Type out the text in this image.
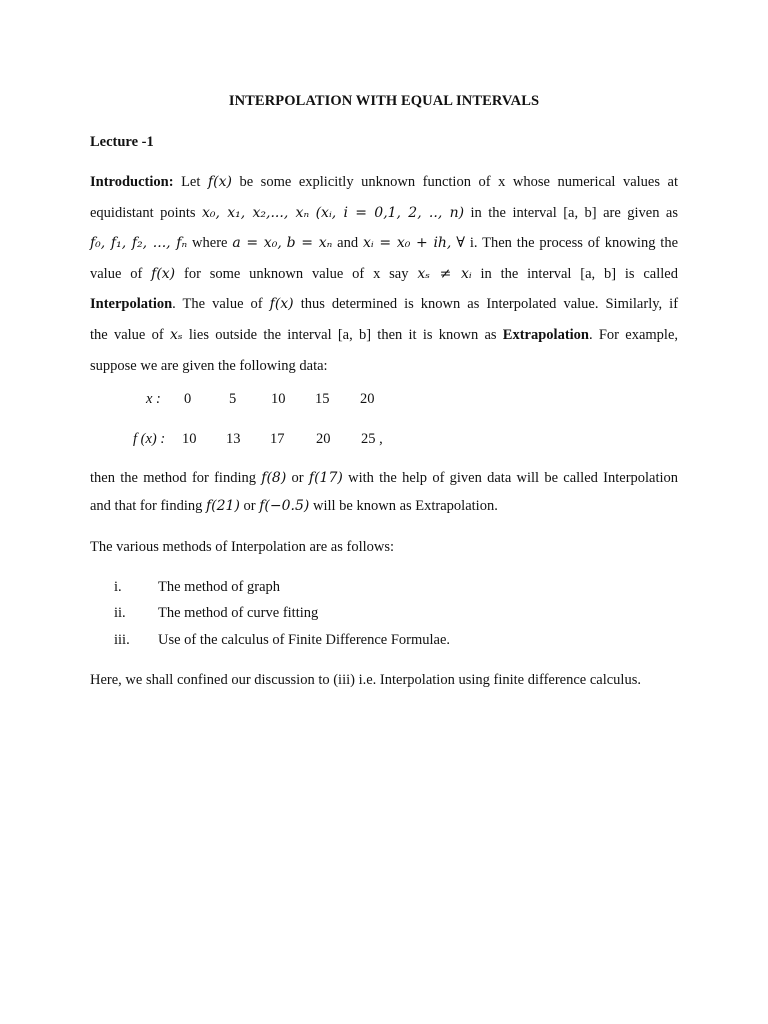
INTERPOLATION WITH EQUAL INTERVALS
Lecture -1
Introduction: Let f(x) be some explicitly unknown function of x whose numerical values at
equidistant points x₀, x₁, x₂,..., xₙ (xᵢ, i = 0,1, 2, .., n) in the interval [a, b] are given as
f₀, f₁, f₂, ..., fₙ where a = x₀, b = xₙ and xᵢ = x₀ + ih, ∀ i. Then the process of knowing the
value of f(x) for some unknown value of x say xₛ ≠ xᵢ in the interval [a, b] is called
Interpolation. The value of f(x) thus determined is known as Interpolated value. Similarly, if
the value of xₛ lies outside the interval [a, b] then it is known as Extrapolation. For example,
suppose we are given the following data:
x : 0	5 10 15 20
f (x) : 10 13 17 20 25 ,
then the method for finding f(8) or f(17) with the help of given data will be called Interpolation
and that for finding f(21) or f(−0.5) will be known as Extrapolation.
The various methods of Interpolation are as follows:
i.	The method of graph
ii. The method of curve fitting
iii. Use of the calculus of Finite Difference Formulae.
Here, we shall confined our discussion to (iii) i.e. Interpolation using finite difference calculus.
